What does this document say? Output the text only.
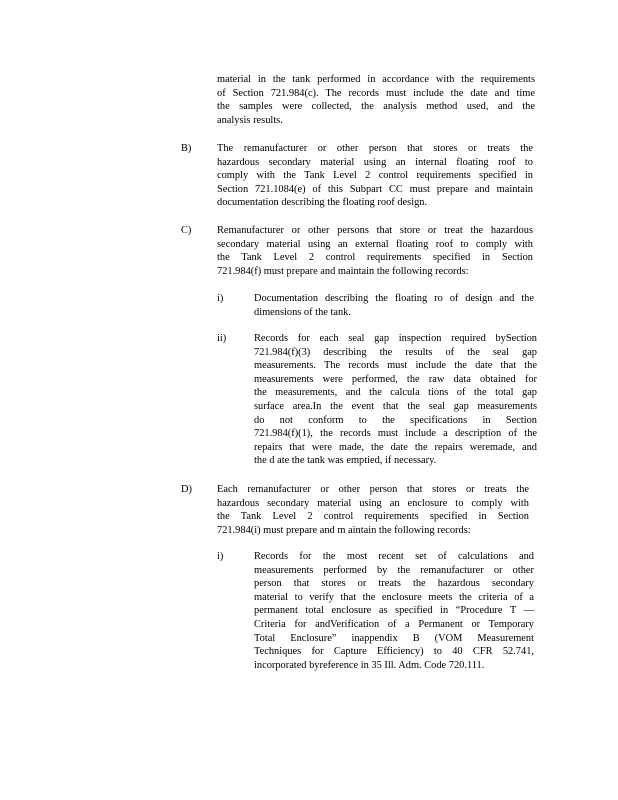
material in the tank performed in accordance with the requirements
of Section 721.984(c). The records must include the date and time
the samples were collected, the analysis method used, and the
analysis results.
B) The remanufacturer or other person that stores or treats the
hazardous secondary material using an internal floating roof to
comply with the Tank Level 2 control requirements specified in
Section 721.1084(e) of this Subpart CC must prepare and maintain
documentation describing the floating roof design.
C) Remanufacturer or other persons that store or treat the hazardous
secondary material using an external floating roof to comply with
the Tank Level 2 control requirements specified in Section
721.984(f) must prepare and maintain the following records:
i)	Documentation describing the floating ro of design and the
dimensions of the tank.
ii)	Records for each seal gap inspection required bySection
721.984(f)(3) describing the results of the seal gap
measurements. The records must include the date that the
measurements were performed, the raw data obtained for
the measurements, and the calcula tions of the total gap
surface area.In the event that the seal gap measurements
do not conform to the specifications in Section
721.984(f)(1), the records must include a description of the
repairs that were made, the date the repairs weremade, and
the d ate the tank was emptied, if necessary.
D) Each remanufacturer or other person that stores or treats the
hazardous secondary material using an enclosure to comply with
the Tank Level 2 control requirements specified in Section
721.984(i) must prepare and m aintain the following records:
i)	Records for the most recent set of calculations and
measurements performed by the remanufacturer or other
person that stores or treats the hazardous secondary
material to verify that the enclosure meets the criteria of a
permanent total enclosure as specified in “Procedure T —
Criteria for andVerification of a Permanent or Temporary
Total Enclosure” inappendix B (VOM Measurement
Techniques for Capture Efficiency) to 40 CFR 52.741,
incorporated byreference in 35 Ill. Adm. Code 720.111.
